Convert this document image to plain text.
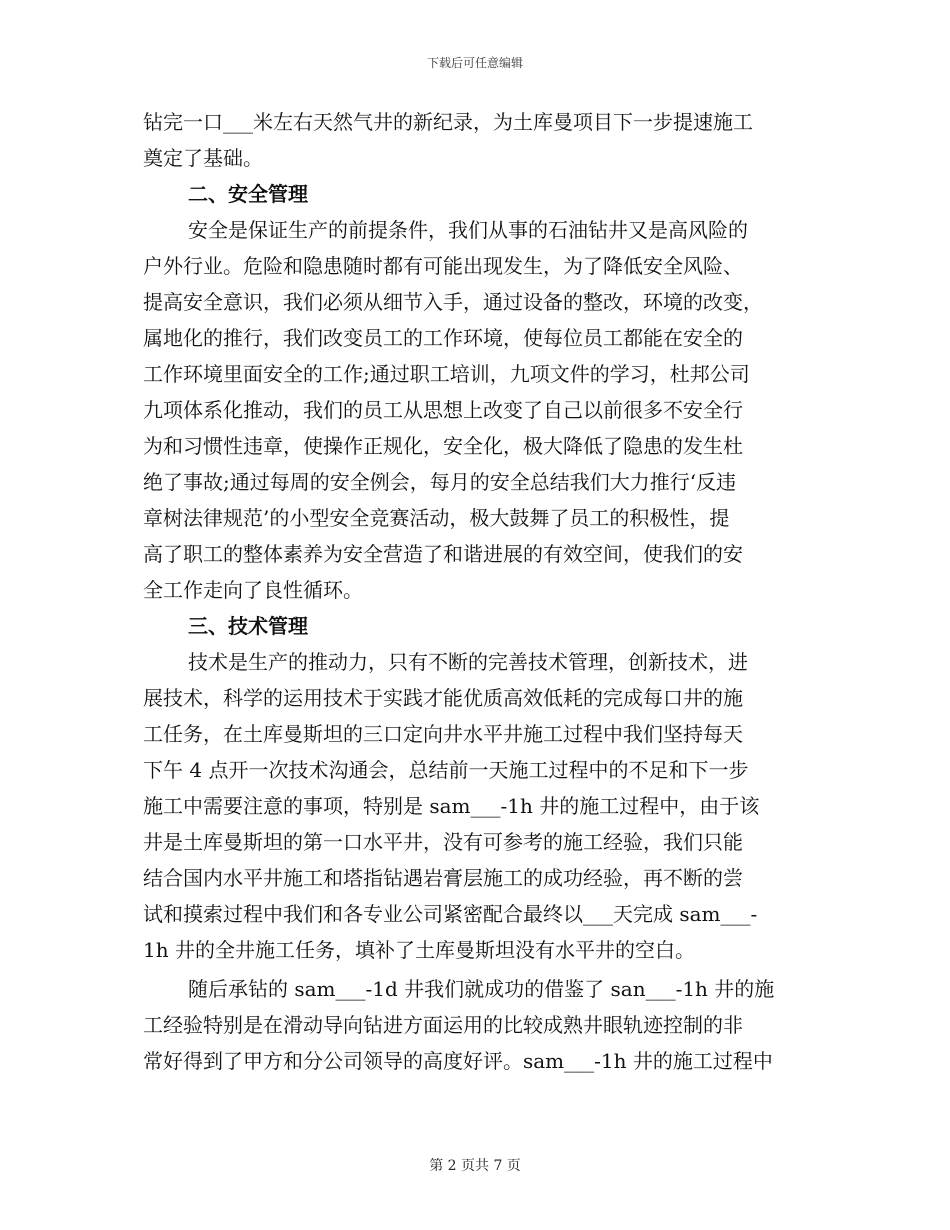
下载后可任意编辑
钻完一口___米左右天然气井的新纪录，为土库曼项目下一步提速施工
奠定了基础。
二、安全管理
安全是保证生产的前提条件，我们从事的石油钻井又是高风险的
户外行业。危险和隐患随时都有可能出现发生，为了降低安全风险、
提高安全意识，我们必须从细节入手，通过设备的整改，环境的改变，
属地化的推行，我们改变员工的工作环境，使每位员工都能在安全的
工作环境里面安全的工作;通过职工培训，九项文件的学习，杜邦公司
九项体系化推动，我们的员工从思想上改变了自己以前很多不安全行
为和习惯性违章，使操作正规化，安全化，极大降低了隐患的发生杜
绝了事故;通过每周的安全例会，每月的安全总结我们大力推行‘反违
章树法律规范’的小型安全竞赛活动，极大鼓舞了员工的积极性，提
高了职工的整体素养为安全营造了和谐进展的有效空间，使我们的安
全工作走向了良性循环。
三、技术管理
技术是生产的推动力，只有不断的完善技术管理，创新技术，进
展技术，科学的运用技术于实践才能优质高效低耗的完成每口井的施
工任务，在土库曼斯坦的三口定向井水平井施工过程中我们坚持每天
下午 4 点开一次技术沟通会，总结前一天施工过程中的不足和下一步
施工中需要注意的事项，特别是 sam___-1h 井的施工过程中，由于该
井是土库曼斯坦的第一口水平井，没有可参考的施工经验，我们只能
结合国内水平井施工和塔指钻遇岩膏层施工的成功经验，再不断的尝
试和摸索过程中我们和各专业公司紧密配合最终以___天完成 sam___-
1h 井的全井施工任务，填补了土库曼斯坦没有水平井的空白。
随后承钻的 sam___-1d 井我们就成功的借鉴了 san___-1h 井的施
工经验特别是在滑动导向钻进方面运用的比较成熟井眼轨迹控制的非
常好得到了甲方和分公司领导的高度好评。sam___-1h 井的施工过程中
第 2 页共 7 页
